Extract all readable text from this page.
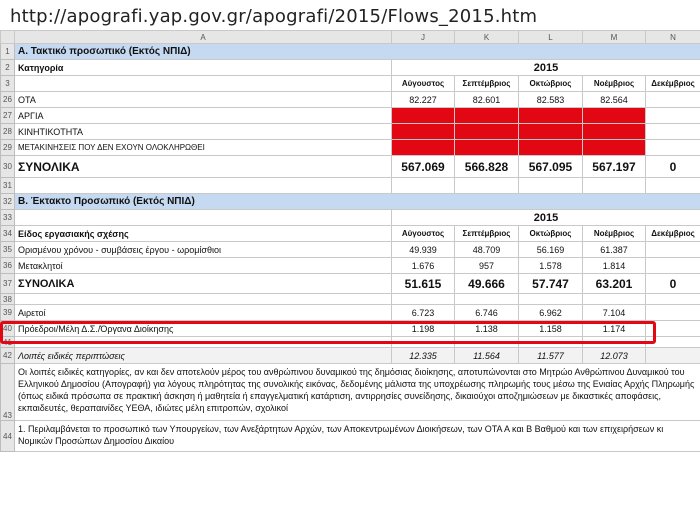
http://apografi.yap.gov.gr/apografi/2015/Flows_2015.htm
	A	J	K	L	M	N
1	Α. Τακτικό προσωπικό (Εκτός ΝΠΙΔ)					
2	Κατηγορία	2015				
3		Αύγουστος	Σεπτέμβριος	Οκτώβριος	Νοέμβριος	Δεκέμβριος
26	ΟΤΑ	82.227	82.601	82.583	82.564	
27	ΑΡΓΙΑ					
28	ΚΙΝΗΤΙΚΟΤΗΤΑ					
29	ΜΕΤΑΚΙΝΗΣΕΙΣ ΠΟΥ ΔΕΝ ΕΧΟΥΝ ΟΛΟΚΛΗΡΩΘΕΙ					
30	ΣΥΝΟΛΙΚΑ	567.069	566.828	567.095	567.197	0
31						
32	Β. Έκτακτο Προσωπικό (Εκτός ΝΠΙΔ)					
33		2015				
34	Είδος εργασιακής σχέσης	Αύγουστος	Σεπτέμβριος	Οκτώβριος	Νοέμβριος	Δεκέμβριος
35	Ορισμένου χρόνου - συμβάσεις έργου - ωρομίσθιοι	49.939	48.709	56.169	61.387	
36	Μετακλητοί	1.676	957	1.578	1.814	
37	ΣΥΝΟΛΙΚΑ	51.615	49.666	57.747	63.201	0
38						
39	Αιρετοί	6.723	6.746	6.962	7.104	
40	Πρόεδροι/Μέλη Δ.Σ./Όργανα Διοίκησης	1.198	1.138	1.158	1.174	
41						
42	Λοιπές ειδικές περιπτώσεις	12.335	11.564	11.577	12.073	
43	Οι λοιπές ειδικές κατηγορίες, αν και δεν αποτελούν μέρος του ανθρώπινου δυναμικού της δημόσιας διοίκησης, αποτυπώνονται στο Μητρώο Ανθρώπινου Δυναμικού του Ελληνικού Δημοσίου (Απογραφή) για λόγους πληρότητας της συνολικής εικόνας, δεδομένης μάλιστα της υποχρέωσης πληρωμής τους μέσω της Ενιαίας Αρχής Πληρωμής (όπως ειδικά πρόσωπα σε πρακτική άσκηση ή μαθητεία ή επαγγελματική κατάρτιση, αντιρρησίες συνείδησης, δικαιούχοι αποζημιώσεων με δικαστικές αποφάσεις, εκπαιδευτές, θεραπαινίδες ΥΕΘΑ, ιδιώτες μέλη επιτροπών, σχολικοί					
44	1. Περιλαμβάνεται το προσωπικό των Υπουργείων, των Ανεξάρτητων Αρχών, των Αποκεντρωμένων Διοικήσεων, των ΟΤΑ Α και Β Βαθμού και των επιχειρήσεων κι Νομικών Προσώπων Δημοσίου Δικαίου					
